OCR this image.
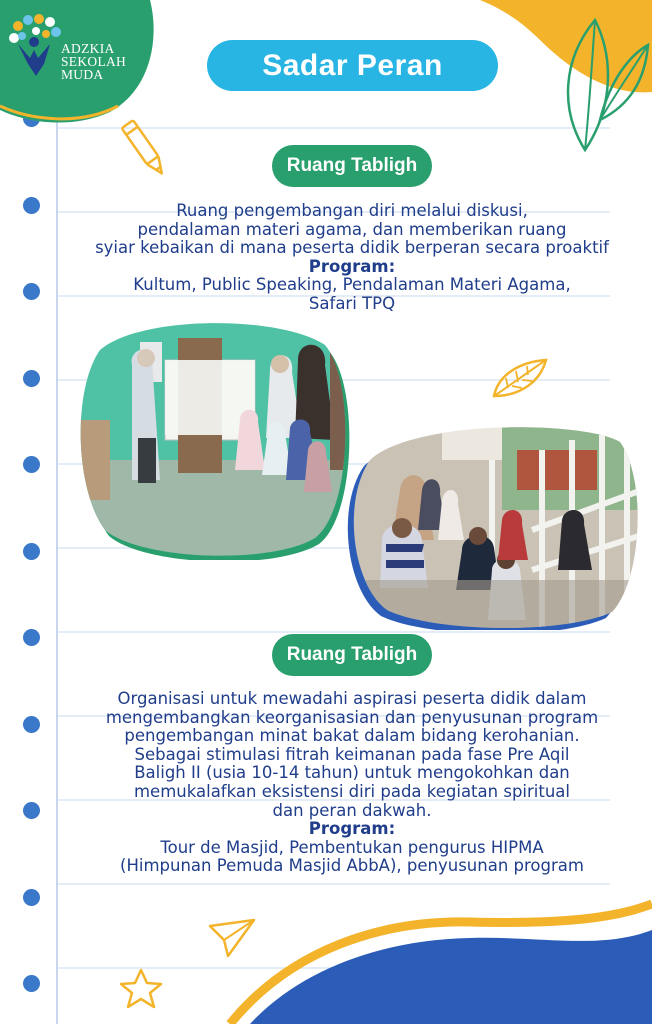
ADZKIA
SEKOLAH
MUDA	Sadar Peran
Ruang Tabligh
Ruang pengembangan diri melalui diskusi,
pendalaman materi agama, dan memberikan ruang
syiar kebaikan di mana peserta didik berperan secara proaktif
Program:
Kultum, Public Speaking, Pendalaman Materi Agama,
Safari TPQ
Ruang Tabligh
Organisasi untuk mewadahi aspirasi peserta didik dalam
mengembangkan keorganisasian dan penyusunan program
pengembangan minat bakat dalam bidang kerohanian.
Sebagai stimulasi fitrah keimanan pada fase Pre Aqil
Baligh II (usia 10-14 tahun) untuk mengokohkan dan
memukalafkan eksistensi diri pada kegiatan spiritual
dan peran dakwah.
Program:
Tour de Masjid, Pembentukan pengurus HIPMA
(Himpunan Pemuda Masjid AbbA), penyusunan program
